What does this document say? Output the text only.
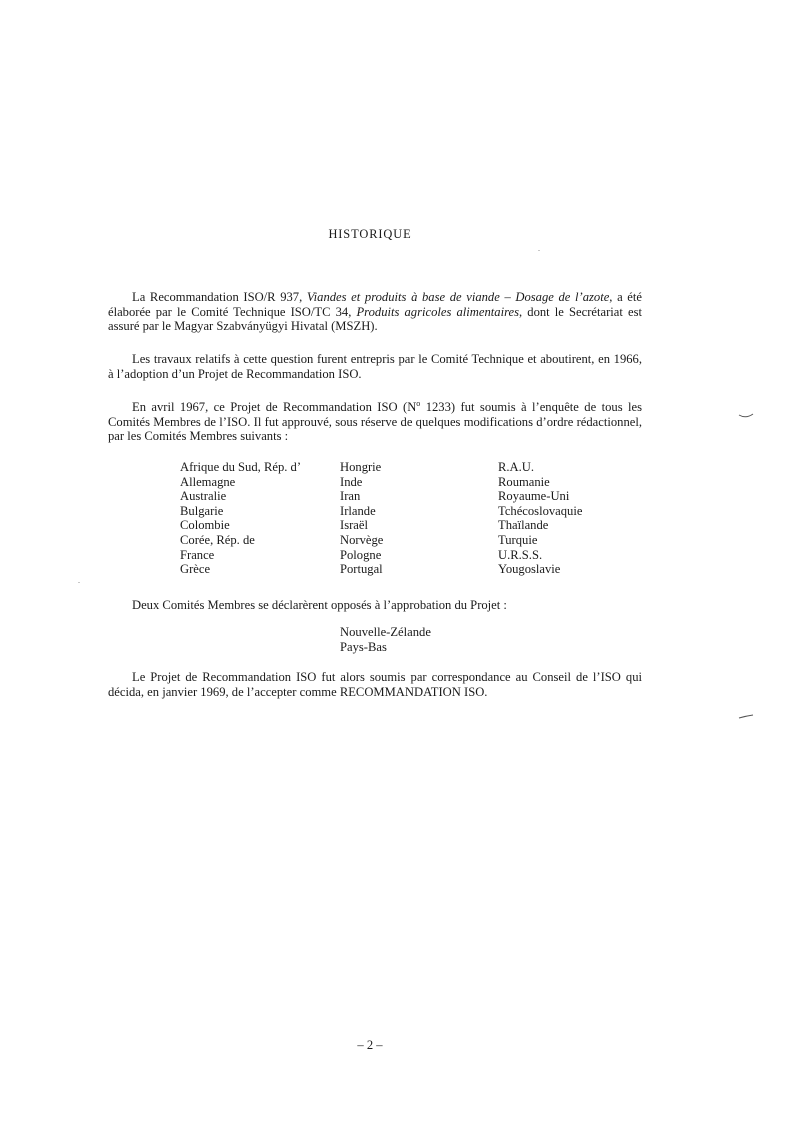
HISTORIQUE

La Recommandation ISO/R 937, Viandes et produits à base de viande – Dosage de l’azote, a été élaborée par le Comité Technique ISO/TC 34, Produits agricoles alimentaires, dont le Secrétariat est assuré par le Magyar Szabványügyi Hivatal (MSZH).

Les travaux relatifs à cette question furent entrepris par le Comité Technique et aboutirent, en 1966, à l’adoption d’un Projet de Recommandation ISO.

En avril 1967, ce Projet de Recommandation ISO ($N^o$ 1233) fut soumis à l’enquête de tous les Comités Membres de l’ISO. Il fut approuvé, sous réserve de quelques modifications d’ordre rédactionnel, par les Comités Membres suivants :

Afrique du Sud, Rép. d’
Allemagne
Australie
Bulgarie
Colombie
Corée, Rép. de
France
Grèce
Hongrie
Inde
Iran
Irlande
Israël
Norvège
Pologne
Portugal
R.A.U.
Roumanie
Royaume-Uni
Tchécoslovaquie
Thaïlande
Turquie
U.R.S.S.
Yougoslavie

Deux Comités Membres se déclarèrent opposés à l’approbation du Projet :

Nouvelle-Zélande
Pays-Bas

Le Projet de Recommandation ISO fut alors soumis par correspondance au Conseil de l’ISO qui décida, en janvier 1969, de l’accepter comme RECOMMANDATION ISO.

– 2 –
